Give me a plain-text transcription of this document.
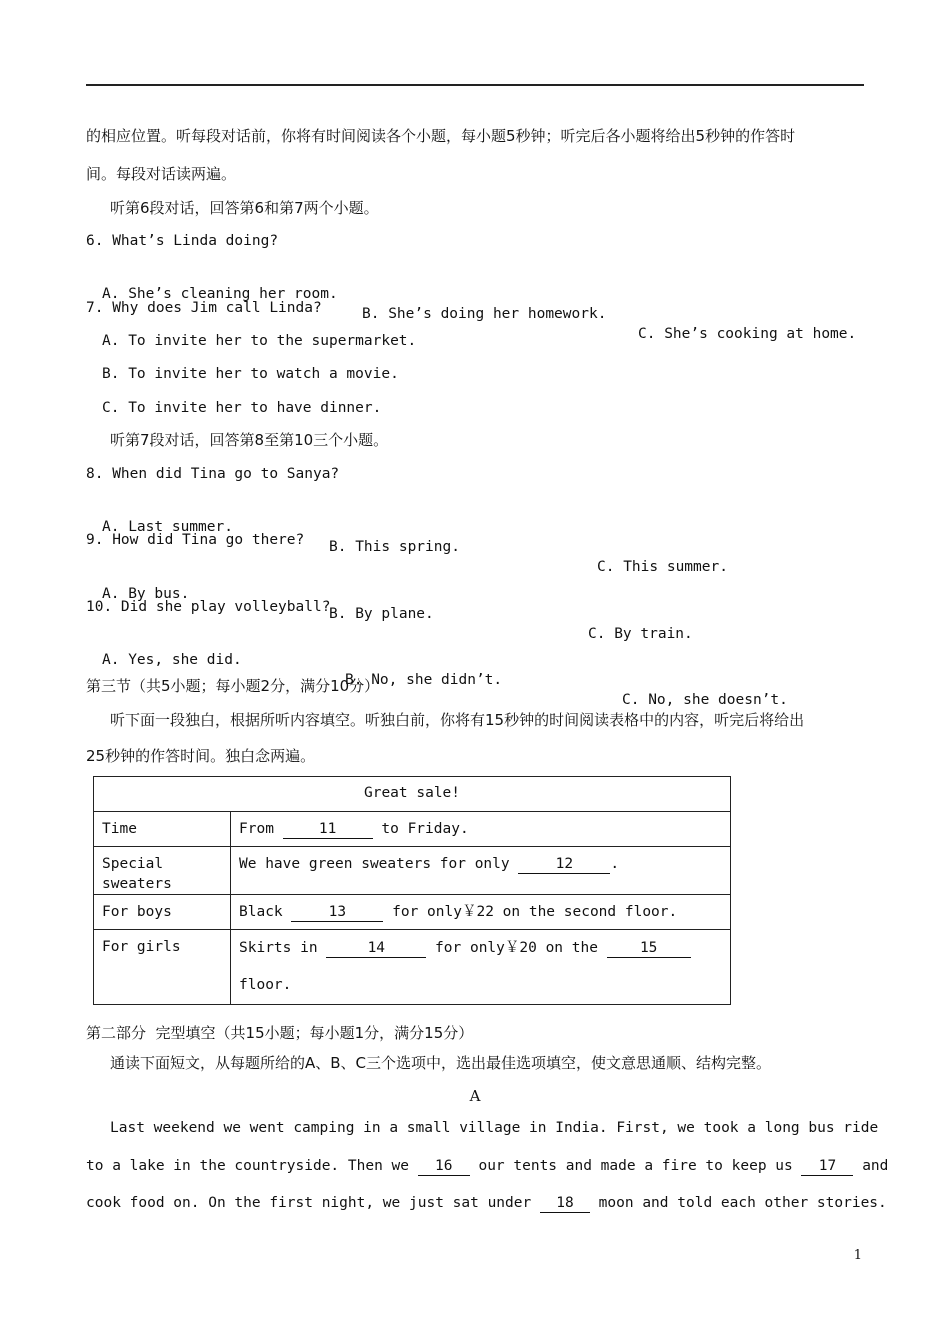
的相应位置。听每段对话前，你将有时间阅读各个小题，每小题5秒钟；听完后各小题将给出5秒钟的作答时
间。每段对话读两遍。
听第6段对话，回答第6和第7两个小题。
6. What’s Linda doing?

A. She’s cleaning her room.

B. She’s doing her homework.

C. She’s cooking at home.

7. Why does Jim call Linda?
A. To invite her to the supermarket.
B. To invite her to watch a movie.
C. To invite her to have dinner.
听第7段对话，回答第8至第10三个小题。
8. When did Tina go to Sanya?

A. Last summer.

B. This spring.

C. This summer.

9. How did Tina go there?

A. By bus.

B. By plane.

C. By train.

10. Did she play volleyball?

A. Yes, she did.

B. No, she didn’t.

C. No, she doesn’t.

第三节（共5小题；每小题2分，满分10分）
听下面一段独白，根据所听内容填空。听独白前，你将有15秒钟的时间阅读表格中的内容，听完后将给出
25秒钟的作答时间。独白念两遍。
Great sale!	
Time	From 11 to Friday.
Special sweaters	We have green sweaters for only 12 .
For boys	Black 13 for only￥22 on the second floor.
For girls	Skirts in 14 for only￥20 on the 15
floor.
第二部分  完型填空（共15小题；每小题1分，满分15分）
通读下面短文，从每题所给的A、B、C三个选项中，选出最佳选项填空，使文意思通顺、结构完整。
A
Last weekend we went camping in a small village in India. First, we took a long bus ride
to a lake in the countryside. Then we 16 our tents and made a fire to keep us 17 and
cook food on. On the first night, we just sat under 18 moon and told each other stories.
1
